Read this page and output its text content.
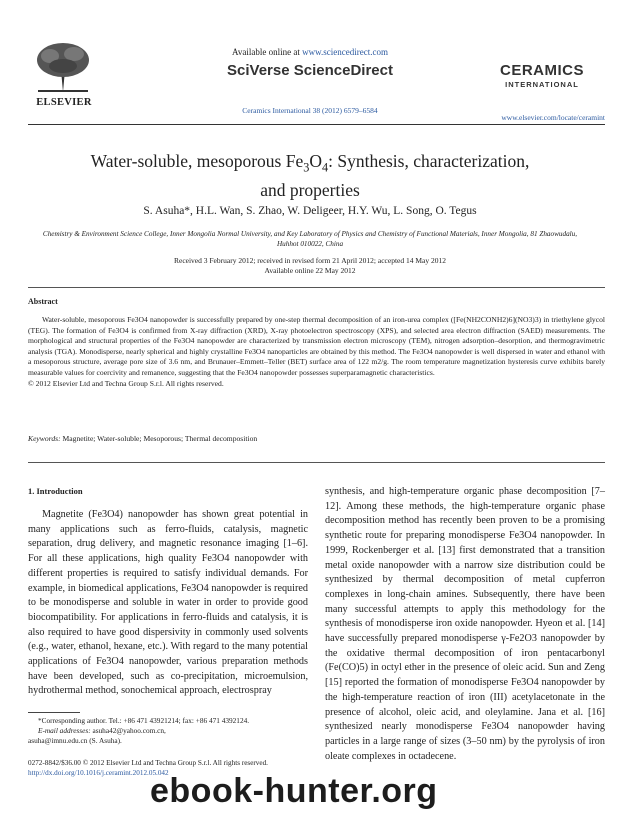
ELSEVIER
Available online at www.sciencedirect.com
SciVerse ScienceDirect
Ceramics International 38 (2012) 6579–6584
CERAMICS
INTERNATIONAL
www.elsevier.com/locate/ceramint
Water-soluble, mesoporous $Fe_3O_4$: Synthesis, characterization,
and properties
S. Asuha*, H.L. Wan, S. Zhao, W. Deligeer, H.Y. Wu, L. Song, O. Tegus
Chemistry & Environment Science College, Inner Mongolia Normal University, and Key Laboratory of Physics and Chemistry of Functional Materials, Inner Mongolia, 81 Zhaowudalu, Huhhot 010022, China
Received 3 February 2012; received in revised form 21 April 2012; accepted 14 May 2012
Available online 22 May 2012
Abstract
Water-soluble, mesoporous Fe3O4 nanopowder is successfully prepared by one-step thermal decomposition of an iron-urea complex ([Fe(NH2CONH2)6](NO3)3) in triethylene glycol (TEG). The formation of Fe3O4 is confirmed from X-ray diffraction (XRD), X-ray photoelectron spectroscopy (XPS), and selected area electron diffraction (SAED) measurements. The morphological and structural properties of the Fe3O4 nanopowder are characterized by transmission electron microscopy (TEM), nitrogen adsorption–desorption, and thermogravimetric analysis (TGA). Monodisperse, nearly spherical and highly crystalline Fe3O4 nanoparticles are obtained by this method. The Fe3O4 nanopowder is well dispersed in water and ethanol with a mesoporous structure, average pore size of 3.6 nm, and Brunauer–Emmett–Teller (BET) surface area of 122 m2/g. The room temperature magnetization hysteresis curve exhibits barely measurable values for coercivity and remanence, suggesting that the Fe3O4 nanopowder possesses superparamagnetic characteristics.
© 2012 Elsevier Ltd and Techna Group S.r.l. All rights reserved.
Keywords: Magnetite; Water-soluble; Mesoporous; Thermal decomposition
1. Introduction
Magnetite (Fe3O4) nanopowder has shown great potential in many applications such as ferro-fluids, catalysis, magnetic separation, drug delivery, and magnetic resonance imaging [1–6]. For all these applications, high quality Fe3O4 nanopowder with different properties is required to satisfy individual demands. For example, in biomedical applications, Fe3O4 nanopowder is required to be monodisperse and soluble in water in order to provide good biocompatibility. For applications in ferro-fluids and catalysis, it is also required to have good dispersivity in commonly used solvents (e.g., water, ethanol, hexane, etc.). With regard to the many potential applications of Fe3O4 nanopowder, various preparation methods have been developed, such as co-precipitation, microemulsion, hydrothermal method, sonochemical approach, electrospray
synthesis, and high-temperature organic phase decomposition [7–12]. Among these methods, the high-temperature organic phase decomposition method has recently been proven to be a promising synthetic route for preparing monodisperse Fe3O4 nanopowder. In 1999, Rockenberger et al. [13] first demonstrated that a transition metal oxide nanopowder with a narrow size distribution could be synthesized by thermal decomposition of metal cupferron complexes in long-chain amines. Subsequently, there have been many successful attempts to apply this methodology for the synthesis of monodisperse iron oxide nanopowder. Hyeon et al. [14] have successfully prepared monodisperse γ-Fe2O3 nanopowder by the oxidative thermal decomposition of iron pentacarbonyl (Fe(CO)5) in octyl ether in the presence of oleic acid. Sun and Zeng [15] reported the formation of monodisperse Fe3O4 nanopowder by the high-temperature reaction of iron (III) acetylacetonate in the presence of alcohol, oleic acid, and oleylamine. Jana et al. [16] synthesized nearly monodisperse Fe3O4 nanopowder having particles in a large range of sizes (3–50 nm) by the pyrolysis of iron oleate complexes in octadecene.
*Corresponding author. Tel.: +86 471 43921214; fax: +86 471 4392124.
E-mail addresses: asuha42@yahoo.com.cn,
asuha@imnu.edu.cn (S. Asuha).
0272-8842/$36.00 © 2012 Elsevier Ltd and Techna Group S.r.l. All rights reserved.
http://dx.doi.org/10.1016/j.ceramint.2012.05.042
ebook-hunter.org
